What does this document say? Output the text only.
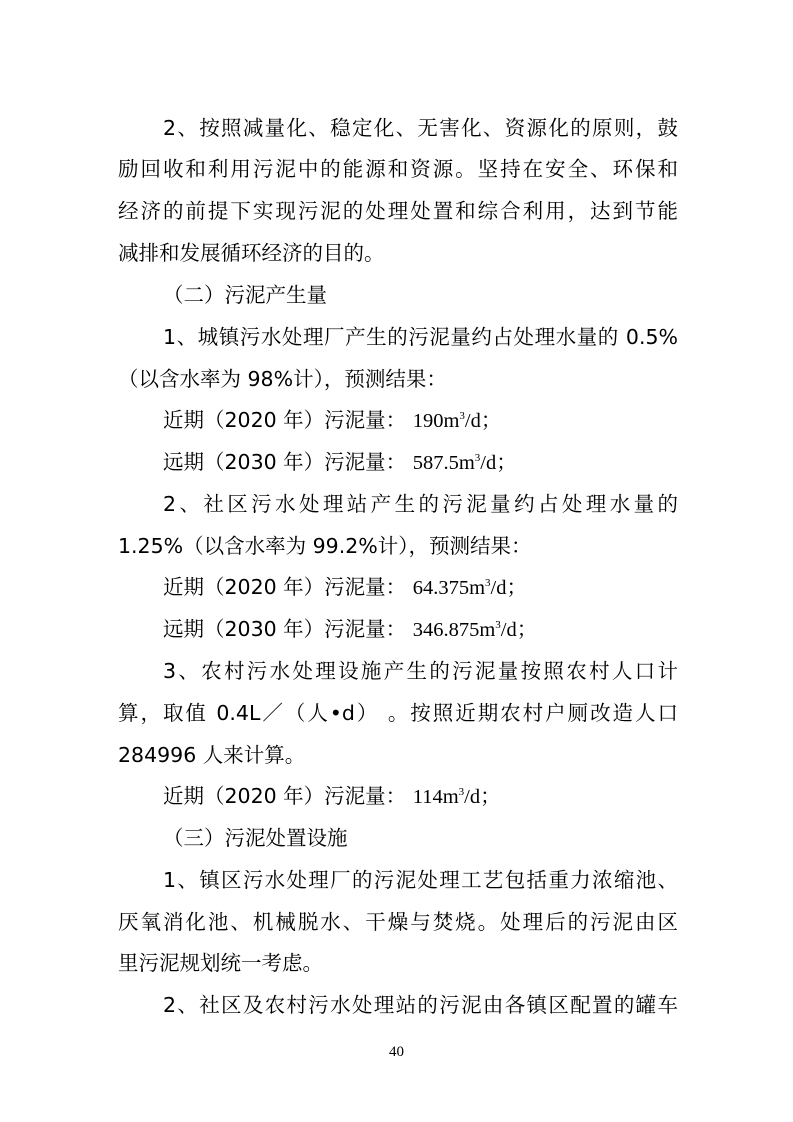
2、按照减量化、稳定化、无害化、资源化的原则，鼓
励回收和利用污泥中的能源和资源。坚持在安全、环保和
经济的前提下实现污泥的处理处置和综合利用，达到节能
减排和发展循环经济的目的。
（二）污泥产生量
1、城镇污水处理厂产生的污泥量约占处理水量的 0.5%
（以含水率为 98%计），预测结果：
近期（2020 年）污泥量： $190m^3/d$；
远期（2030 年）污泥量： $587.5m^3/d$；
2、社区污水处理站产生的污泥量约占处理水量的
1.25%（以含水率为 99.2%计），预测结果：
近期（2020 年）污泥量： $64.375m^3/d$；
远期（2030 年）污泥量： $346.875m^3/d$；
3、农村污水处理设施产生的污泥量按照农村人口计
算，取值 0.4L／（人•d） 。按照近期农村户厕改造人口
284996 人来计算。
近期（2020 年）污泥量： $114m^3/d$；
（三）污泥处置设施
1、镇区污水处理厂的污泥处理工艺包括重力浓缩池、
厌氧消化池、机械脱水、干燥与焚烧。处理后的污泥由区
里污泥规划统一考虑。
2、社区及农村污水处理站的污泥由各镇区配置的罐车
40
